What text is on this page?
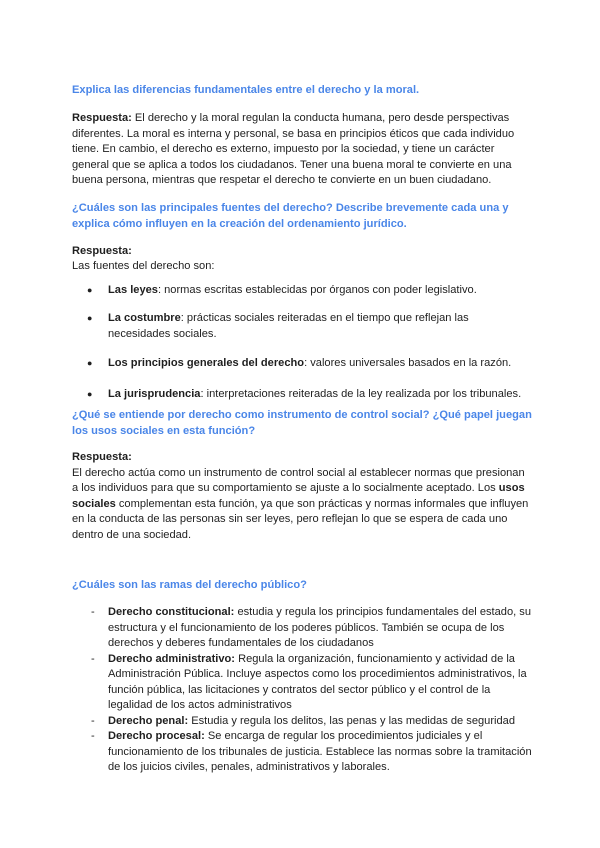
Explica las diferencias fundamentales entre el derecho y la moral.

Respuesta: El derecho y la moral regulan la conducta humana, pero desde perspectivas diferentes. La moral es interna y personal, se basa en principios éticos que cada individuo tiene. En cambio, el derecho es externo, impuesto por la sociedad, y tiene un carácter general que se aplica a todos los ciudadanos. Tener una buena moral te convierte en una buena persona, mientras que respetar el derecho te convierte en un buen ciudadano.

¿Cuáles son las principales fuentes del derecho? Describe brevemente cada una y explica cómo influyen en la creación del ordenamiento jurídico.

Respuesta:

Las fuentes del derecho son:

● Las leyes: normas escritas establecidas por órganos con poder legislativo.
● La costumbre: prácticas sociales reiteradas en el tiempo que reflejan las necesidades sociales.
● Los principios generales del derecho: valores universales basados en la razón.
● La jurisprudencia: interpretaciones reiteradas de la ley realizada por los tribunales.

¿Qué se entiende por derecho como instrumento de control social? ¿Qué papel juegan los usos sociales en esta función?

Respuesta:

El derecho actúa como un instrumento de control social al establecer normas que presionan a los individuos para que su comportamiento se ajuste a lo socialmente aceptado. Los usos sociales complementan esta función, ya que son prácticas y normas informales que influyen en la conducta de las personas sin ser leyes, pero reflejan lo que se espera de cada uno dentro de una sociedad.

¿Cuáles son las ramas del derecho público?

- Derecho constitucional: estudia y regula los principios fundamentales del estado, su estructura y el funcionamiento de los poderes públicos. También se ocupa de los derechos y deberes fundamentales de los ciudadanos
- Derecho administrativo: Regula la organización, funcionamiento y actividad de la Administración Pública. Incluye aspectos como los procedimientos administrativos, la función pública, las licitaciones y contratos del sector público y el control de la legalidad de los actos administrativos
- Derecho penal: Estudia y regula los delitos, las penas y las medidas de seguridad
- Derecho procesal: Se encarga de regular los procedimientos judiciales y el funcionamiento de los tribunales de justicia. Establece las normas sobre la tramitación de los juicios civiles, penales, administrativos y laborales.
